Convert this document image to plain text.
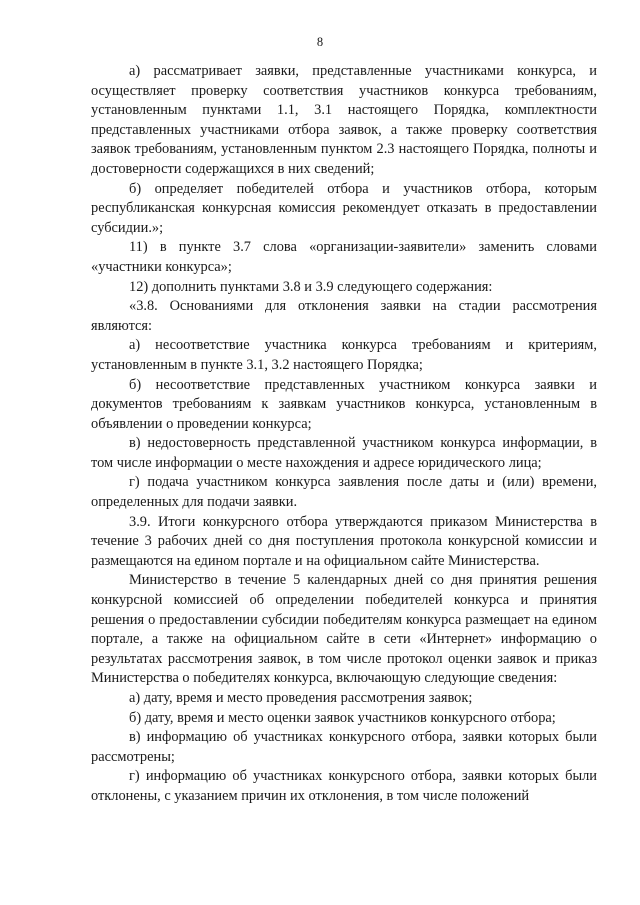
8

а) рассматривает заявки, представленные участниками конкурса, и осуществляет проверку соответствия участников конкурса требованиям, установленным пунктами 1.1, 3.1 настоящего Порядка, комплектности представленных участниками отбора заявок, а также проверку соответствия заявок требованиям, установленным пунктом 2.3 настоящего Порядка, полноты и достоверности содержащихся в них сведений;

б) определяет победителей отбора и участников отбора, которым республиканская конкурсная комиссия рекомендует отказать в предоставлении субсидии.»;

11) в пункте 3.7 слова «организации-заявители» заменить словами «участники конкурса»;

12) дополнить пунктами 3.8 и 3.9 следующего содержания:

«3.8. Основаниями для отклонения заявки на стадии рассмотрения являются:

а) несоответствие участника конкурса требованиям и критериям, установленным в пункте 3.1, 3.2 настоящего Порядка;

б) несоответствие представленных участником конкурса заявки и документов требованиям к заявкам участников конкурса, установленным в объявлении о проведении конкурса;

в) недостоверность представленной участником конкурса информации, в том числе информации о месте нахождения и адресе юридического лица;

г) подача участником конкурса заявления после даты и (или) времени, определенных для подачи заявки.

3.9. Итоги конкурсного отбора утверждаются приказом Министерства в течение 3 рабочих дней со дня поступления протокола конкурсной комиссии и размещаются на едином портале и на официальном сайте Министерства.

Министерство в течение 5 календарных дней со дня принятия решения конкурсной комиссией об определении победителей конкурса и принятия решения о предоставлении субсидии победителям конкурса размещает на едином портале, а также на официальном сайте в сети «Интернет» информацию о результатах рассмотрения заявок, в том числе протокол оценки заявок и приказ Министерства о победителях конкурса, включающую следующие сведения:

а) дату, время и место проведения рассмотрения заявок;

б) дату, время и место оценки заявок участников конкурсного отбора;

в) информацию об участниках конкурсного отбора, заявки которых были рассмотрены;

г) информацию об участниках конкурсного отбора, заявки которых были отклонены, с указанием причин их отклонения, в том числе положений
